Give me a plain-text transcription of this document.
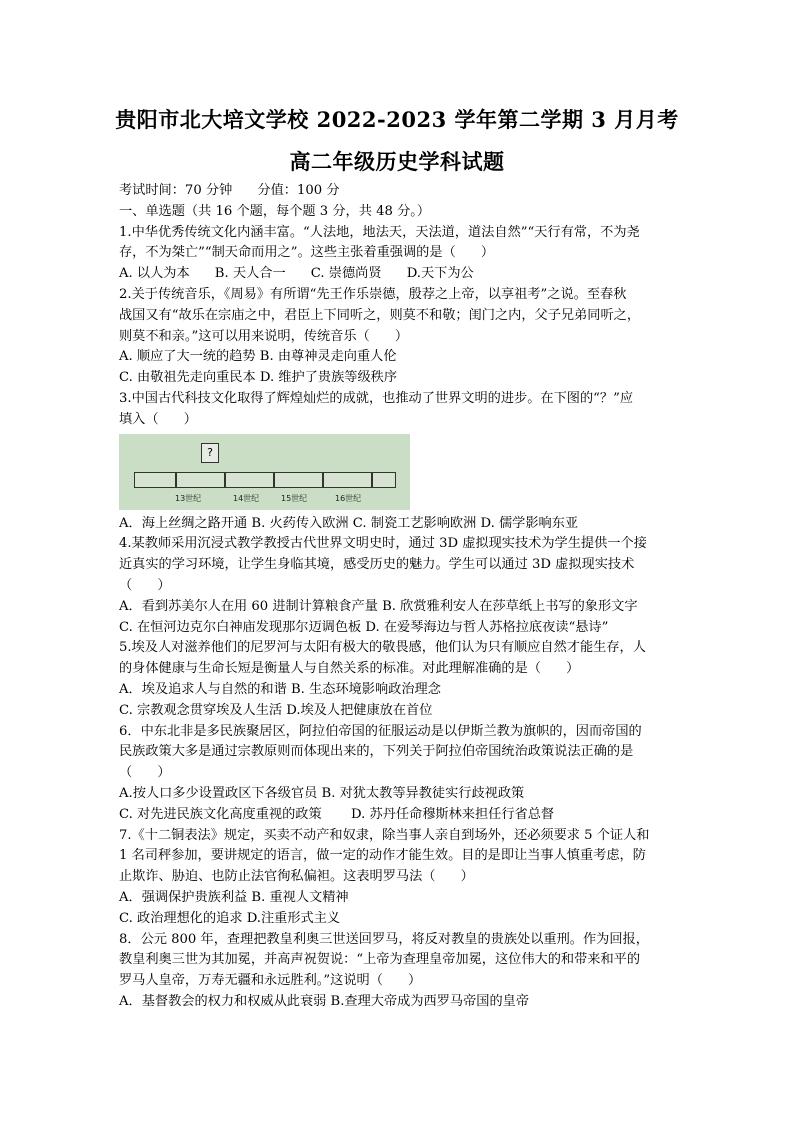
贵阳市北大培文学校 2022-2023 学年第二学期 3 月月考
高二年级历史学科试题

考试时间：70 分钟      分值：100 分

一、单选题（共 16 个题，每个题 3 分，共 48 分。）

1.中华优秀传统文化内涵丰富。“人法地，地法天，天法道，道法自然”“天行有常，不为尧

存，不为桀亡”“制天命而用之”。这些主张着重强调的是（      ）

A. 以人为本      B. 天人合一      C. 崇德尚贤      D.天下为公

2.关于传统音乐，《周易》有所谓“先王作乐崇德，殷荐之上帝，以享祖考”之说。至春秋

战国又有“故乐在宗庙之中，君臣上下同听之，则莫不和敬；闺门之内，父子兄弟同听之，

则莫不和亲。”这可以用来说明，传统音乐（      ）

A. 顺应了大一统的趋势 B. 由尊神灵走向重人伦

C. 由敬祖先走向重民本 D. 维护了贵族等级秩序

3.中国古代科技文化取得了辉煌灿烂的成就，也推动了世界文明的进步。在下图的“？”应

填入（      ）

?
13世纪	14世纪	15世纪	16世纪

A．海上丝绸之路开通 B. 火药传入欧洲 C. 制瓷工艺影响欧洲 D. 儒学影响东亚

4.某教师采用沉浸式教学教授古代世界文明史时，通过 3D 虚拟现实技术为学生提供一个接

近真实的学习环境，让学生身临其境，感受历史的魅力。学生可以通过 3D 虚拟现实技术

（      ）

A．看到苏美尔人在用 60 进制计算粮食产量 B. 欣赏雅利安人在莎草纸上书写的象形文字

C. 在恒河边克尔白神庙发现那尔迈调色板 D. 在爱琴海边与哲人苏格拉底夜读“悬诗”

5.埃及人对滋养他们的尼罗河与太阳有极大的敬畏感，他们认为只有顺应自然才能生存，人

的身体健康与生命长短是衡量人与自然关系的标准。对此理解准确的是（      ）

A．埃及追求人与自然的和谐 B. 生态环境影响政治理念

C. 宗教观念贯穿埃及人生活 D.埃及人把健康放在首位

6．中东北非是多民族聚居区，阿拉伯帝国的征服运动是以伊斯兰教为旗帜的，因而帝国的

民族政策大多是通过宗教原则而体现出来的，下列关于阿拉伯帝国统治政策说法正确的是

（      ）

A.按人口多少设置政区下各级官员 B. 对犹太教等异教徒实行歧视政策

C. 对先进民族文化高度重视的政策       D. 苏丹任命穆斯林来担任行省总督

7.《十二铜表法》规定，买卖不动产和奴隶，除当事人亲自到场外，还必须要求 5 个证人和

1 名司秤参加，要讲规定的语言，做一定的动作才能生效。目的是即让当事人慎重考虑，防

止欺诈、胁迫、也防止法官徇私偏袒。这表明罗马法（      ）

A．强调保护贵族利益 B. 重视人文精神

C. 政治理想化的追求 D.注重形式主义

8．公元 800 年，查理把教皇利奥三世送回罗马，将反对教皇的贵族处以重刑。作为回报，

教皇利奥三世为其加冕，并高声祝贺说：“上帝为查理皇帝加冕，这位伟大的和带来和平的

罗马人皇帝，万寿无疆和永远胜利。”这说明（      ）

A．基督教会的权力和权威从此衰弱 B.查理大帝成为西罗马帝国的皇帝
